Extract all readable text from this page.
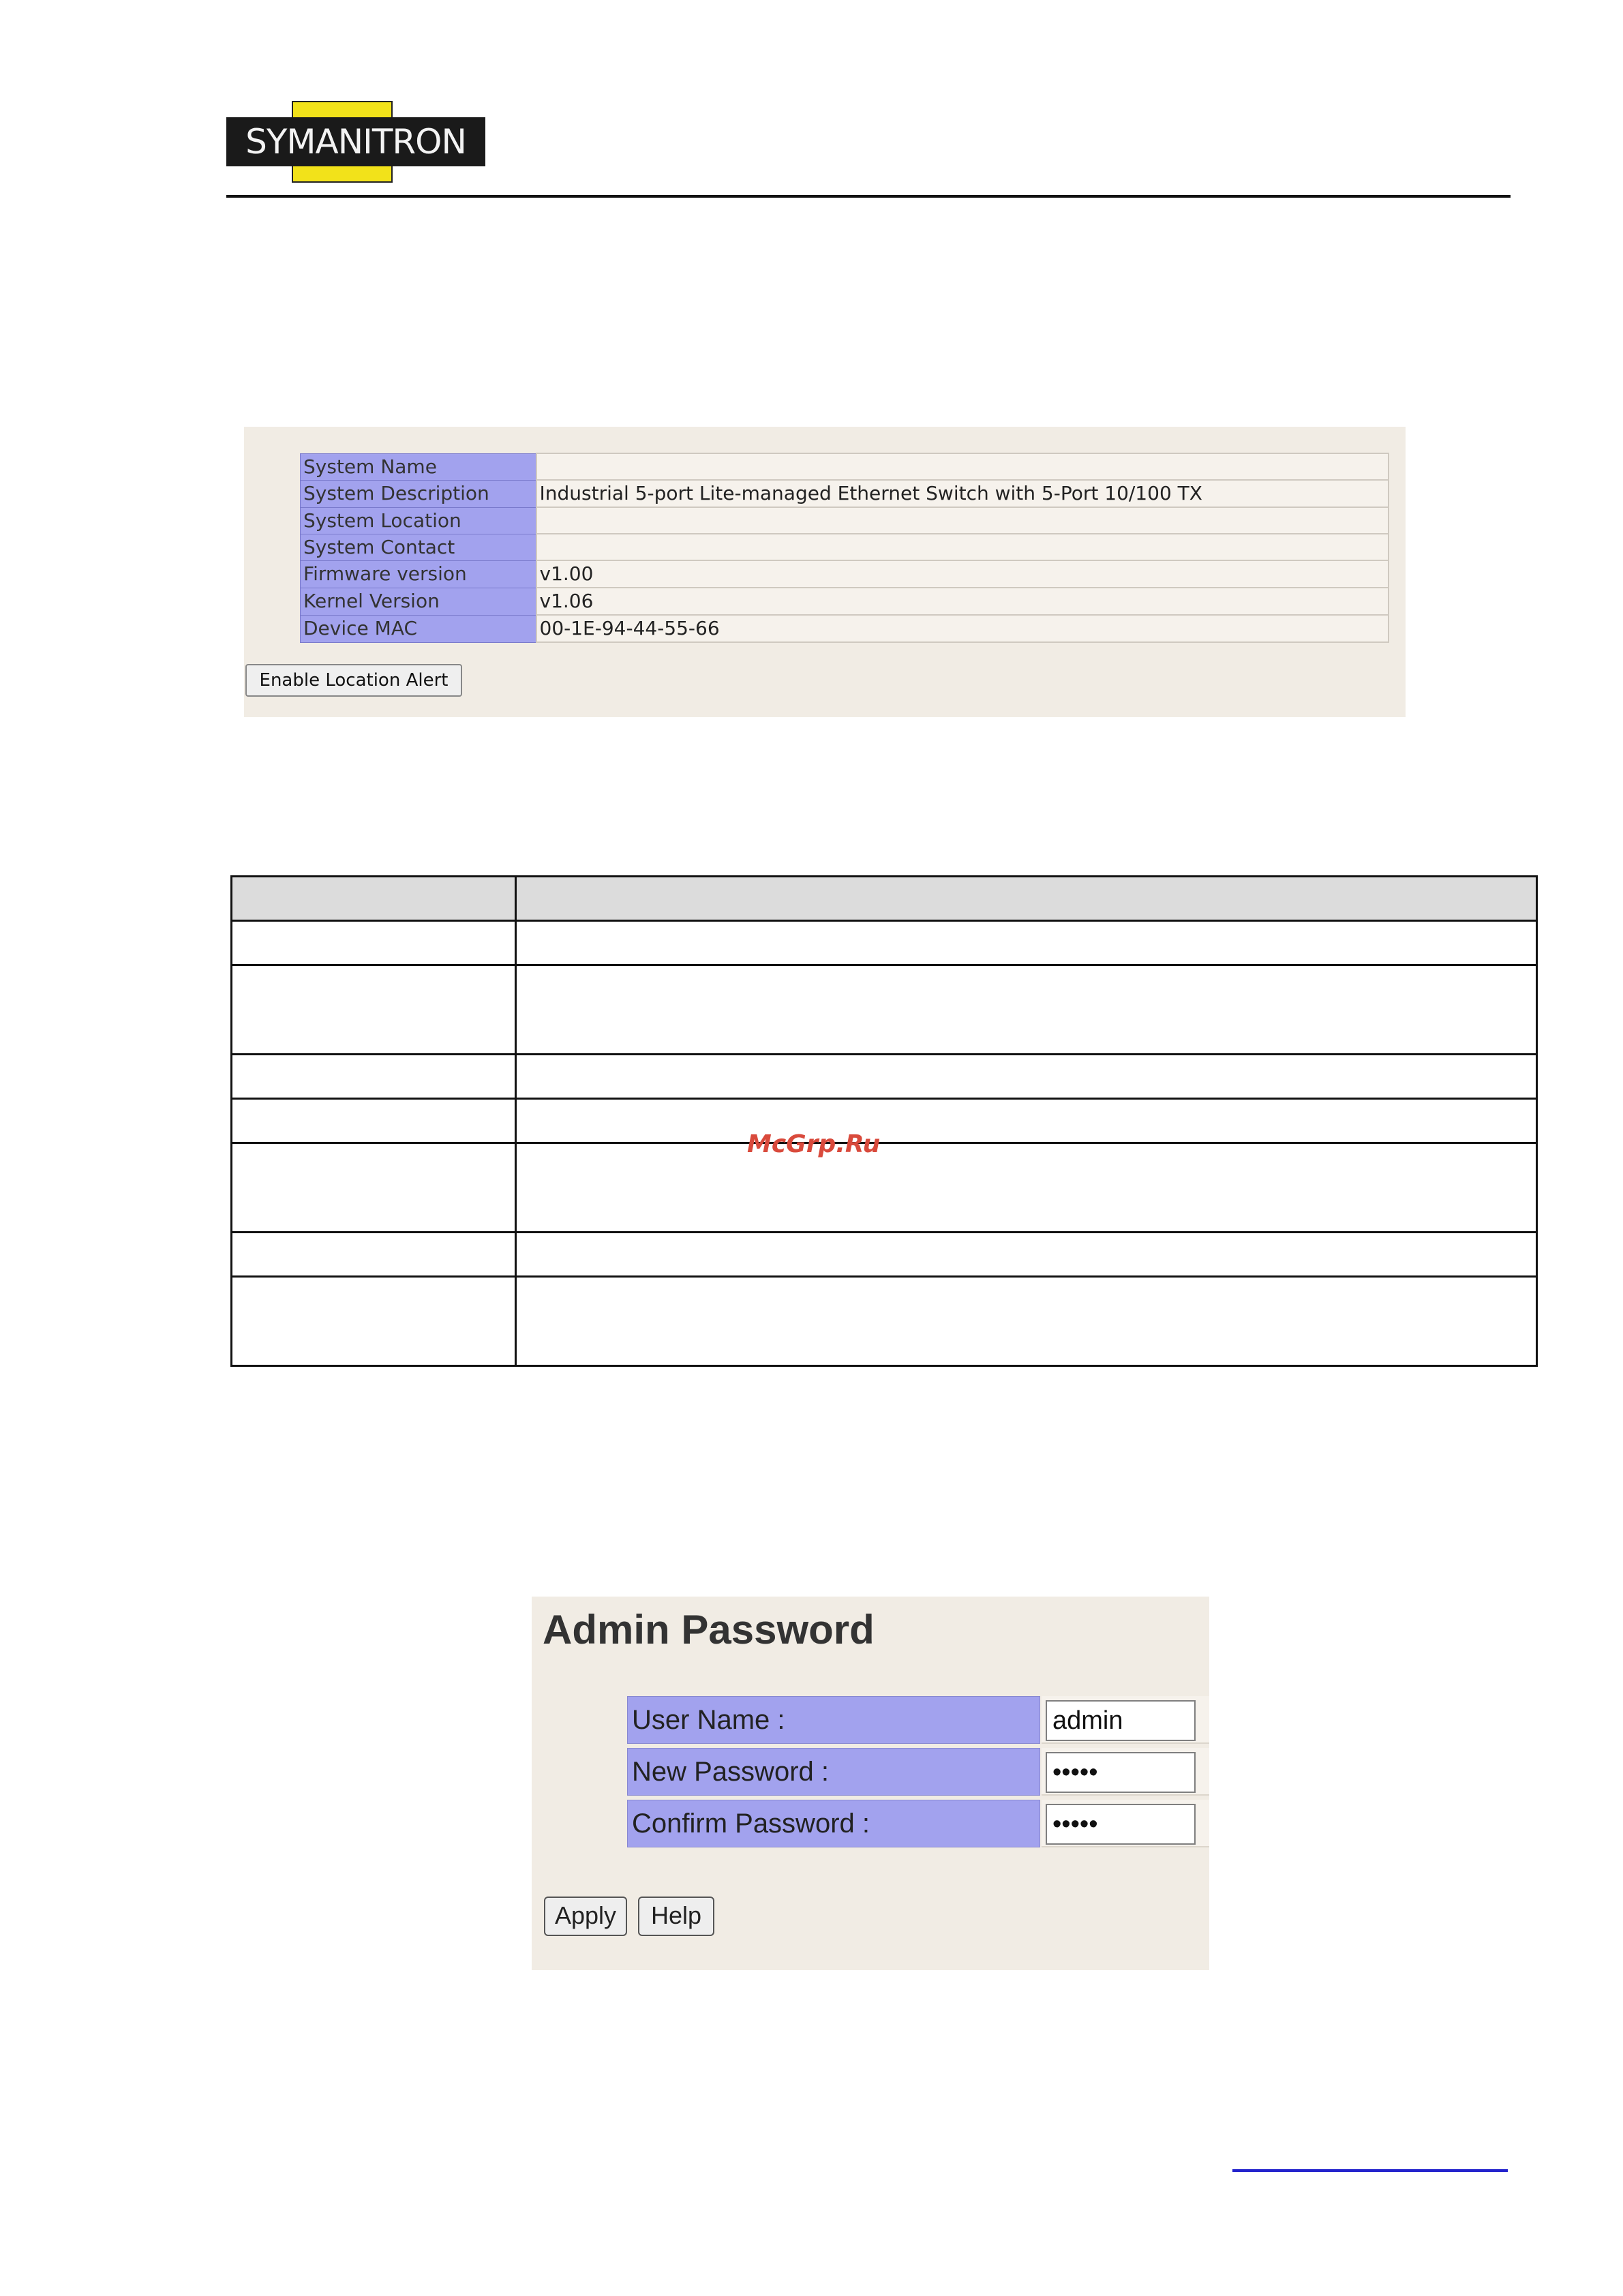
SYMANITRON
System Name	
System Description	Industrial 5-port Lite-managed Ethernet Switch with 5-Port 10/100 TX
System Location	
System Contact	
Firmware version	v1.00
Kernel Version	v1.06
Device MAC	00-1E-94-44-55-66
Enable Location Alert

McGrp.Ru
Admin Password
User Name :
admin
New Password :
•••••
Confirm Password :
•••••
Apply	Help
